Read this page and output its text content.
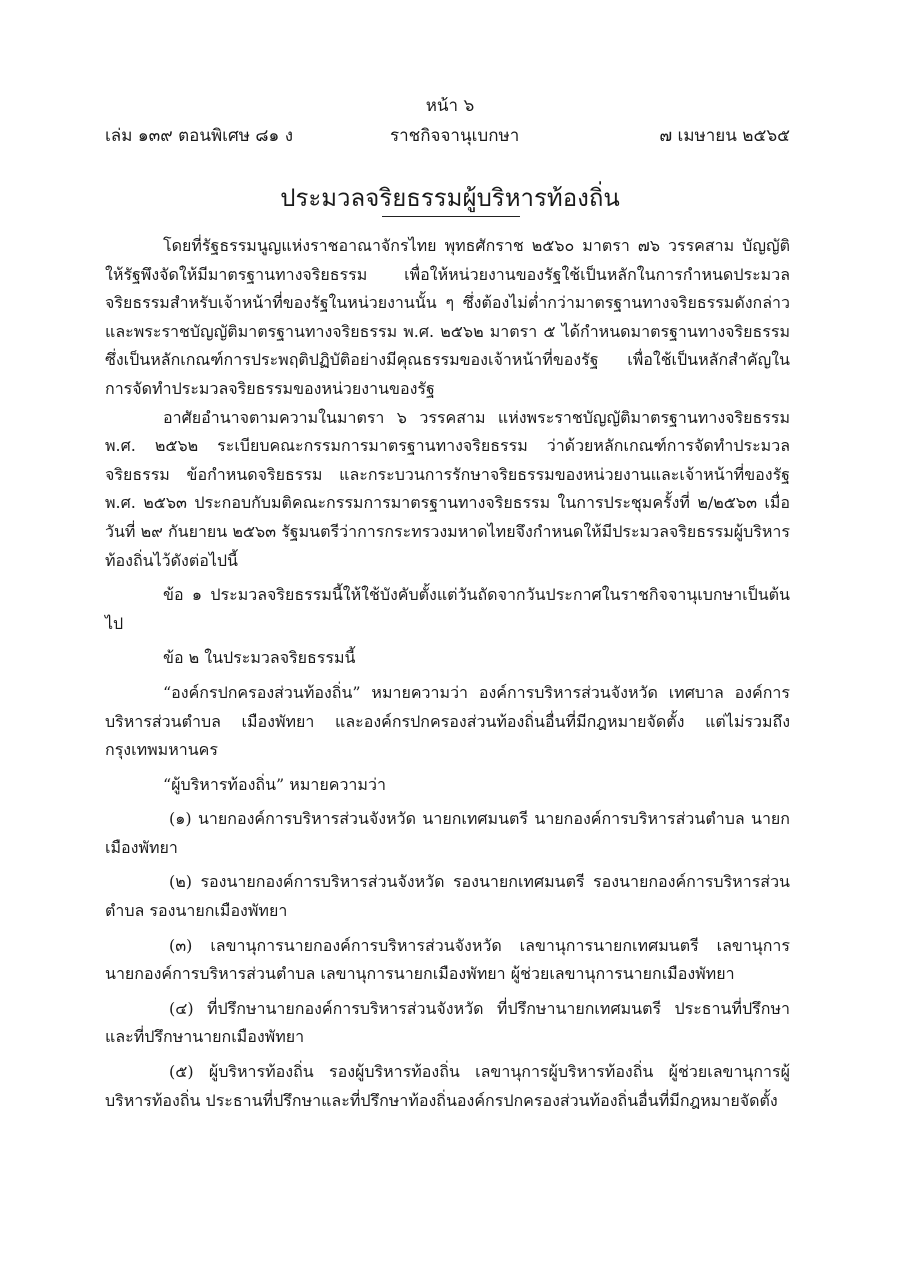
หน้า ๖
เล่ม ๑๓๙ ตอนพิเศษ ๘๑ ง	ราชกิจจานุเบกษา	๗ เมษายน ๒๕๖๕
ประมวลจริยธรรมผู้บริหารท้องถิ่น

โดยที่รัฐธรรมนูญแห่งราชอาณาจักรไทย พุทธศักราช ๒๕๖๐ มาตรา ๗๖ วรรคสาม บัญญัติให้รัฐพึงจัดให้มีมาตรฐานทางจริยธรรม เพื่อให้หน่วยงานของรัฐใช้เป็นหลักในการกำหนดประมวลจริยธรรมสำหรับเจ้าหน้าที่ของรัฐในหน่วยงานนั้น ๆ ซึ่งต้องไม่ต่ำกว่ามาตรฐานทางจริยธรรมดังกล่าว และพระราชบัญญัติมาตรฐานทางจริยธรรม พ.ศ. ๒๕๖๒ มาตรา ๕ ได้กำหนดมาตรฐานทางจริยธรรม ซึ่งเป็นหลักเกณฑ์การประพฤติปฏิบัติอย่างมีคุณธรรมของเจ้าหน้าที่ของรัฐ เพื่อใช้เป็นหลักสำคัญในการจัดทำประมวลจริยธรรมของหน่วยงานของรัฐ

อาศัยอำนาจตามความในมาตรา ๖ วรรคสาม แห่งพระราชบัญญัติมาตรฐานทางจริยธรรม พ.ศ. ๒๕๖๒ ระเบียบคณะกรรมการมาตรฐานทางจริยธรรม ว่าด้วยหลักเกณฑ์การจัดทำประมวลจริยธรรม ข้อกำหนดจริยธรรม และกระบวนการรักษาจริยธรรมของหน่วยงานและเจ้าหน้าที่ของรัฐ พ.ศ. ๒๕๖๓ ประกอบกับมติคณะกรรมการมาตรฐานทางจริยธรรม ในการประชุมครั้งที่ ๒/๒๕๖๓ เมื่อวันที่ ๒๙ กันยายน ๒๕๖๓ รัฐมนตรีว่าการกระทรวงมหาดไทยจึงกำหนดให้มีประมวลจริยธรรมผู้บริหารท้องถิ่นไว้ดังต่อไปนี้

ข้อ ๑ ประมวลจริยธรรมนี้ให้ใช้บังคับตั้งแต่วันถัดจากวันประกาศในราชกิจจานุเบกษาเป็นต้นไป

ข้อ ๒ ในประมวลจริยธรรมนี้

“องค์กรปกครองส่วนท้องถิ่น” หมายความว่า องค์การบริหารส่วนจังหวัด เทศบาล องค์การบริหารส่วนตำบล เมืองพัทยา และองค์กรปกครองส่วนท้องถิ่นอื่นที่มีกฎหมายจัดตั้ง แต่ไม่รวมถึงกรุงเทพมหานคร

“ผู้บริหารท้องถิ่น” หมายความว่า

(๑) นายกองค์การบริหารส่วนจังหวัด นายกเทศมนตรี นายกองค์การบริหารส่วนตำบล นายกเมืองพัทยา

(๒) รองนายกองค์การบริหารส่วนจังหวัด รองนายกเทศมนตรี รองนายกองค์การบริหารส่วนตำบล รองนายกเมืองพัทยา

(๓) เลขานุการนายกองค์การบริหารส่วนจังหวัด เลขานุการนายกเทศมนตรี เลขานุการนายกองค์การบริหารส่วนตำบล เลขานุการนายกเมืองพัทยา ผู้ช่วยเลขานุการนายกเมืองพัทยา

(๔) ที่ปรึกษานายกองค์การบริหารส่วนจังหวัด ที่ปรึกษานายกเทศมนตรี ประธานที่ปรึกษาและที่ปรึกษานายกเมืองพัทยา

(๕) ผู้บริหารท้องถิ่น รองผู้บริหารท้องถิ่น เลขานุการผู้บริหารท้องถิ่น ผู้ช่วยเลขานุการผู้บริหารท้องถิ่น ประธานที่ปรึกษาและที่ปรึกษาท้องถิ่นองค์กรปกครองส่วนท้องถิ่นอื่นที่มีกฎหมายจัดตั้ง
